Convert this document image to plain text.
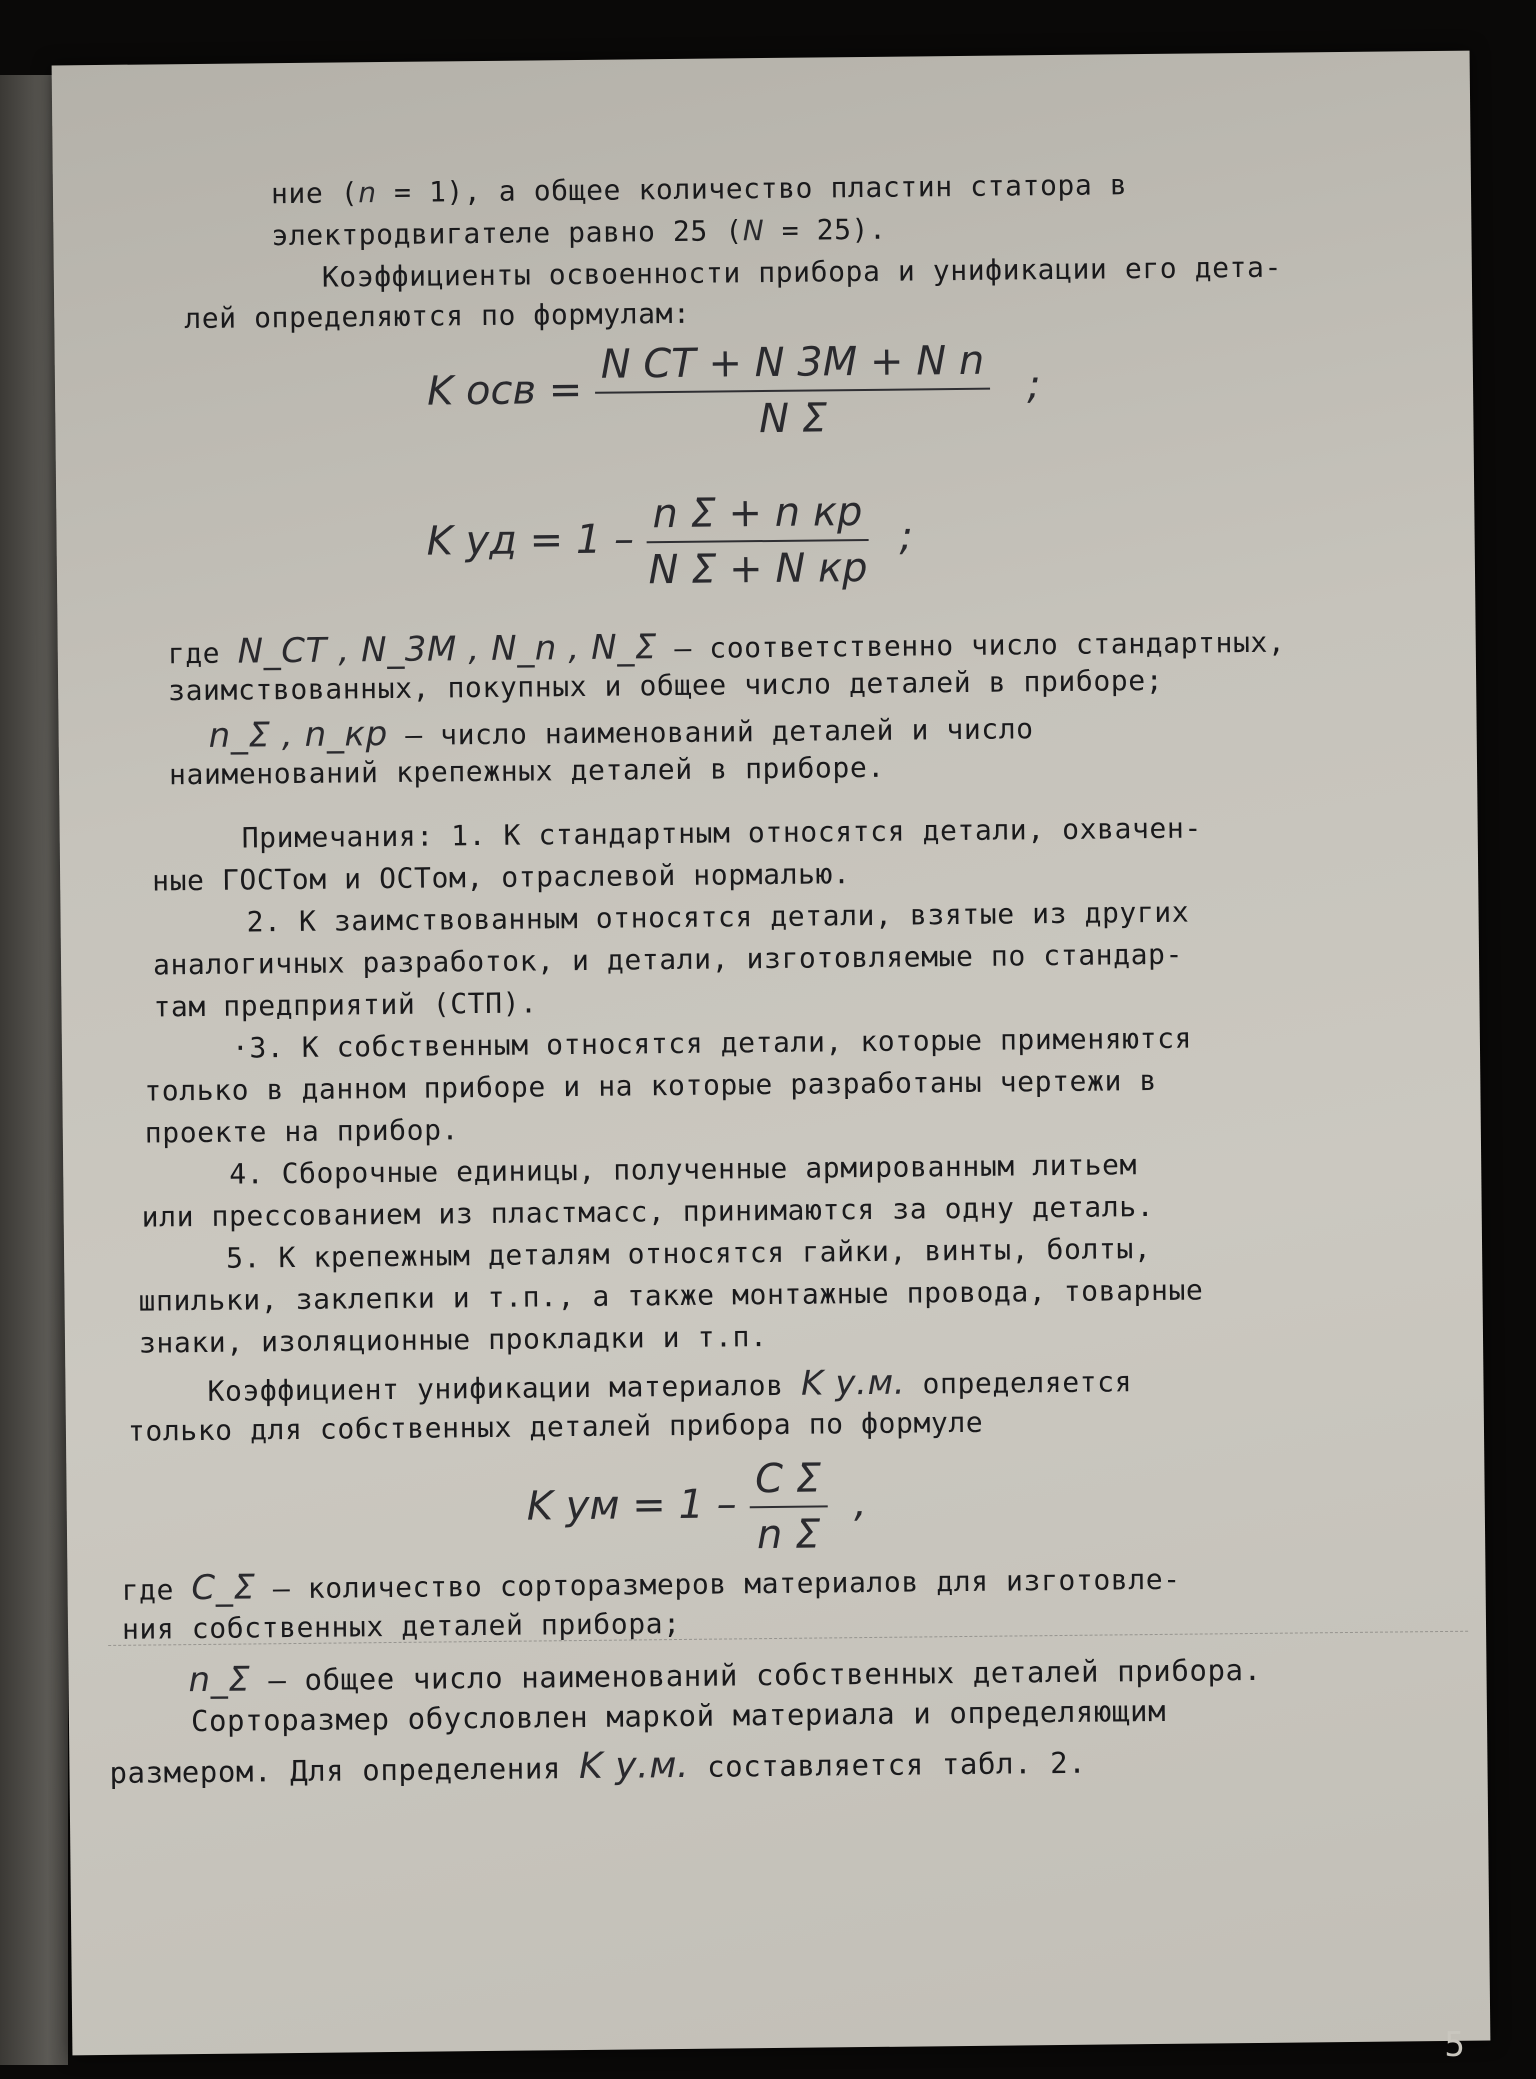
ние (n = 1), а общее количество пластин статора в
электродвигателе равно 25 (N = 25).
Коэффициенты освоенности прибора и унификации его дета-
лей определяются по формулам:
K осв = $\frac{\text{N CT + N 3M + N n}}{\text{N Σ}}$ ;
K уд = $1 - \frac{\text{n Σ + n кр}}{\text{N Σ + N кр}}$ ;
где N_CT , N_3M , N_n , N_Σ – соответственно число стандартных,
заимствованных, покупных и общее число деталей в приборе;
n_Σ , n_кр – число наименований деталей и число
наименований крепежных деталей в приборе.
Примечания: 1. К стандартным относятся детали, охвачен-
ные ГОСТом и ОСТом, отраслевой нормалью.
2. К заимствованным относятся детали, взятые из других
аналогичных разработок, и детали, изготовляемые по стандар-
там предприятий (СТП).
·3. К собственным относятся детали, которые применяются
только в данном приборе и на которые разработаны чертежи в
проекте на прибор.
4. Сборочные единицы, полученные армированным литьем
или прессованием из пластмасс, принимаются за одну деталь.
5. К крепежным деталям относятся гайки, винты, болты,
шпильки, заклепки и т.п., а также монтажные провода, товарные
знаки, изоляционные прокладки и т.п.
Коэффициент унификации материалов K у.м. определяется
только для собственных деталей прибора по формуле
K ум = $1 - \frac{\text{C Σ}}{\text{n Σ}}$ ,
где C_Σ – количество сорторазмеров материалов для изготовле-
ния собственных деталей прибора;
n_Σ – общее число наименований собственных деталей прибора.
Сорторазмер обусловлен маркой материала и определяющим
размером. Для определения K у.м. составляется табл. 2.
5
